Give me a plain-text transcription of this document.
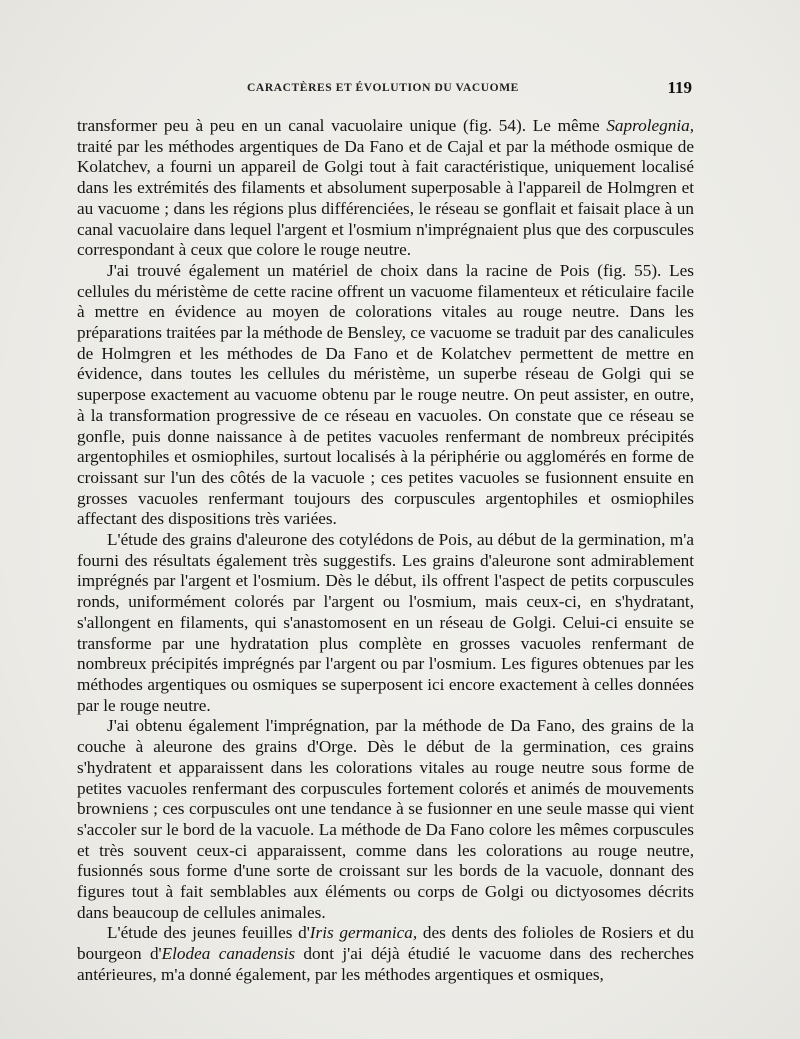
CARACTÈRES ET ÉVOLUTION DU VACUOME	119

transformer peu à peu en un canal vacuolaire unique (fig. 54). Le même Saprolegnia, traité par les méthodes argentiques de Da Fano et de Cajal et par la méthode osmique de Kolatchev, a fourni un appareil de Golgi tout à fait caractéristique, uniquement localisé dans les extrémités des filaments et absolument superposable à l'appareil de Holmgren et au vacuome ; dans les régions plus différenciées, le réseau se gonflait et faisait place à un canal vacuolaire dans lequel l'argent et l'osmium n'imprégnaient plus que des corpuscules correspondant à ceux que colore le rouge neutre.

J'ai trouvé également un matériel de choix dans la racine de Pois (fig. 55). Les cellules du méristème de cette racine offrent un vacuome filamenteux et réticulaire facile à mettre en évidence au moyen de colorations vitales au rouge neutre. Dans les préparations traitées par la méthode de Bensley, ce vacuome se traduit par des canalicules de Holmgren et les méthodes de Da Fano et de Kolatchev permettent de mettre en évidence, dans toutes les cellules du méristème, un superbe réseau de Golgi qui se superpose exactement au vacuome obtenu par le rouge neutre. On peut assister, en outre, à la transformation progressive de ce réseau en vacuoles. On constate que ce réseau se gonfle, puis donne naissance à de petites vacuoles renfermant de nombreux précipités argentophiles et osmiophiles, surtout localisés à la périphérie ou agglomérés en forme de croissant sur l'un des côtés de la vacuole ; ces petites vacuoles se fusionnent ensuite en grosses vacuoles renfermant toujours des corpuscules argentophiles et osmiophiles affectant des dispositions très variées.

L'étude des grains d'aleurone des cotylédons de Pois, au début de la germination, m'a fourni des résultats également très suggestifs. Les grains d'aleurone sont admirablement imprégnés par l'argent et l'osmium. Dès le début, ils offrent l'aspect de petits corpuscules ronds, uniformément colorés par l'argent ou l'osmium, mais ceux-ci, en s'hydratant, s'allongent en filaments, qui s'anastomosent en un réseau de Golgi. Celui-ci ensuite se transforme par une hydratation plus complète en grosses vacuoles renfermant de nombreux précipités imprégnés par l'argent ou par l'osmium. Les figures obtenues par les méthodes argentiques ou osmiques se superposent ici encore exactement à celles données par le rouge neutre.

J'ai obtenu également l'imprégnation, par la méthode de Da Fano, des grains de la couche à aleurone des grains d'Orge. Dès le début de la germination, ces grains s'hydratent et apparaissent dans les colorations vitales au rouge neutre sous forme de petites vacuoles renfermant des corpuscules fortement colorés et animés de mouvements browniens ; ces corpuscules ont une tendance à se fusionner en une seule masse qui vient s'accoler sur le bord de la vacuole. La méthode de Da Fano colore les mêmes corpuscules et très souvent ceux-ci apparaissent, comme dans les colorations au rouge neutre, fusionnés sous forme d'une sorte de croissant sur les bords de la vacuole, donnant des figures tout à fait semblables aux éléments ou corps de Golgi ou dictyosomes décrits dans beaucoup de cellules animales.

L'étude des jeunes feuilles d'Iris germanica, des dents des folioles de Rosiers et du bourgeon d'Elodea canadensis dont j'ai déjà étudié le vacuome dans des recherches antérieures, m'a donné également, par les méthodes argentiques et osmiques,
